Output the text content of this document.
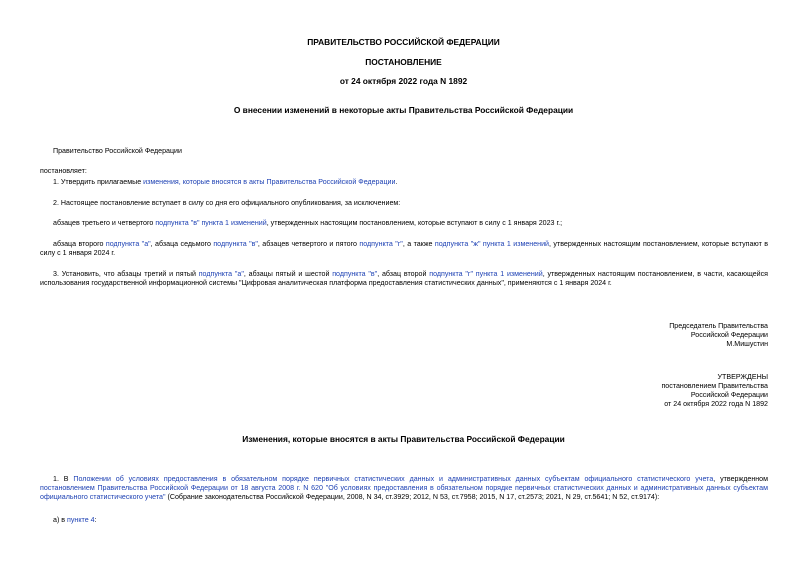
ПРАВИТЕЛЬСТВО РОССИЙСКОЙ ФЕДЕРАЦИИ
ПОСТАНОВЛЕНИЕ
от 24 октября 2022 года N 1892
О внесении изменений в некоторые акты Правительства Российской Федерации
Правительство Российской Федерации
постановляет:
1. Утвердить прилагаемые изменения, которые вносятся в акты Правительства Российской Федерации.
2. Настоящее постановление вступает в силу со дня его официального опубликования, за исключением:
абзацев третьего и четвертого подпункта "в" пункта 1 изменений, утвержденных настоящим постановлением, которые вступают в силу с 1 января 2023 г.;
абзаца второго подпункта "а", абзаца седьмого подпункта "в", абзацев четвертого и пятого подпункта "г", а также подпункта "ж" пункта 1 изменений, утвержденных настоящим постановлением, которые вступают в силу с 1 января 2024 г.
3. Установить, что абзацы третий и пятый подпункта "а", абзацы пятый и шестой подпункта "в", абзац второй подпункта "г" пункта 1 изменений, утвержденных настоящим постановлением, в части, касающейся использования государственной информационной системы "Цифровая аналитическая платформа предоставления статистических данных", применяются с 1 января 2024 г.
Председатель Правительства
Российской Федерации
М.Мишустин
УТВЕРЖДЕНЫ
постановлением Правительства
Российской Федерации
от 24 октября 2022 года N 1892
Изменения, которые вносятся в акты Правительства Российской Федерации
1. В Положении об условиях предоставления в обязательном порядке первичных статистических данных и административных данных субъектам официального статистического учета, утвержденном постановлением Правительства Российской Федерации от 18 августа 2008 г. N 620 "Об условиях предоставления в обязательном порядке первичных статистических данных и административных данных субъектам официального статистического учета" (Собрание законодательства Российской Федерации, 2008, N 34, ст.3929; 2012, N 53, ст.7958; 2015, N 17, ст.2573; 2021, N 29, ст.5641; N 52, ст.9174):
а) в пункте 4:
